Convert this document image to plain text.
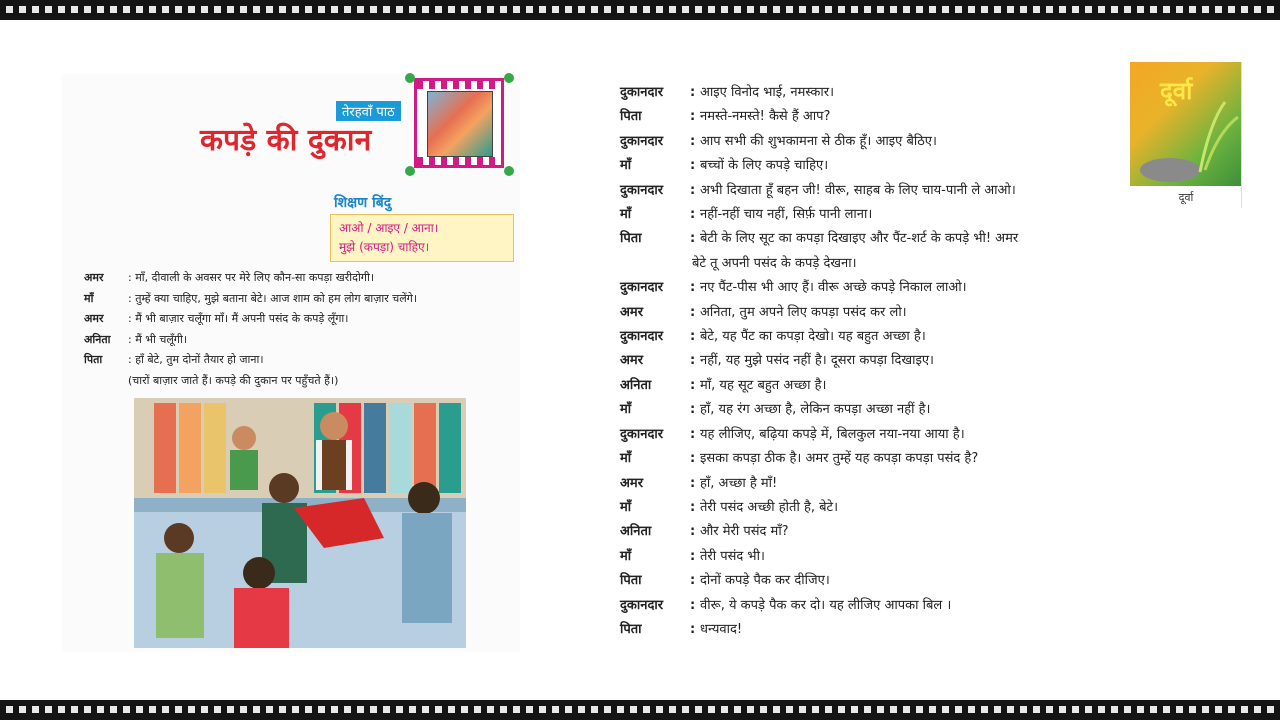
तेरहवाँ पाठ
कपड़े की दुकान
शिक्षण बिंदु
आओ / आइए / आना।
मुझे (कपड़ा) चाहिए।
अमर	: माँ, दीवाली के अवसर पर मेरे लिए कौन-सा कपड़ा खरीदोगी।
माँ	: तुम्हें क्या चाहिए, मुझे बताना बेटे। आज शाम को हम लोग बाज़ार चलेंगे।
अमर	: मैं भी बाज़ार चलूँगा माँ। मैं अपनी पसंद के कपड़े लूँगा।
अनिता	: मैं भी चलूँगी।
पिता	: हाँ बेटे, तुम दोनों तैयार हो जाना।
(चारों बाज़ार जाते हैं। कपड़े की दुकान पर पहुँचते हैं।)
दुकानदार	: आइए विनोद भाई, नमस्कार।
पिता	: नमस्ते-नमस्ते! कैसे हैं आप?
दुकानदार	: आप सभी की शुभकामना से ठीक हूँ। आइए बैठिए।
माँ	: बच्चों के लिए कपड़े चाहिए।
दुकानदार	: अभी दिखाता हूँ बहन जी! वीरू, साहब के लिए चाय-पानी ले आओ।
माँ	: नहीं-नहीं चाय नहीं, सिर्फ़ पानी लाना।
पिता	: बेटी के लिए सूट का कपड़ा दिखाइए और पैंट-शर्ट के कपड़े भी! अमर
बेटे तू अपनी पसंद के कपड़े देखना।
दुकानदार	: नए पैंट-पीस भी आए हैं। वीरू अच्छे कपड़े निकाल लाओ।
अमर	: अनिता, तुम अपने लिए कपड़ा पसंद कर लो।
दुकानदार	: बेटे, यह पैंट का कपड़ा देखो। यह बहुत अच्छा है।
अमर	: नहीं, यह मुझे पसंद नहीं है। दूसरा कपड़ा दिखाइए।
अनिता	: माँ, यह सूट बहुत अच्छा है।
माँ	: हाँ, यह रंग अच्छा है, लेकिन कपड़ा अच्छा नहीं है।
दुकानदार	: यह लीजिए, बढ़िया कपड़े में, बिलकुल नया-नया आया है।
माँ	: इसका कपड़ा ठीक है। अमर तुम्हें यह कपड़ा कपड़ा पसंद है?
अमर	: हाँ, अच्छा है माँ!
माँ	: तेरी पसंद अच्छी होती है, बेटे।
अनिता	: और मेरी पसंद माँ?
माँ	: तेरी पसंद भी।
पिता	: दोनों कपड़े पैक कर दीजिए।
दुकानदार	: वीरू, ये कपड़े पैक कर दो। यह लीजिए आपका बिल ।
पिता	: धन्यवाद!
दूर्वा
दूर्वा
